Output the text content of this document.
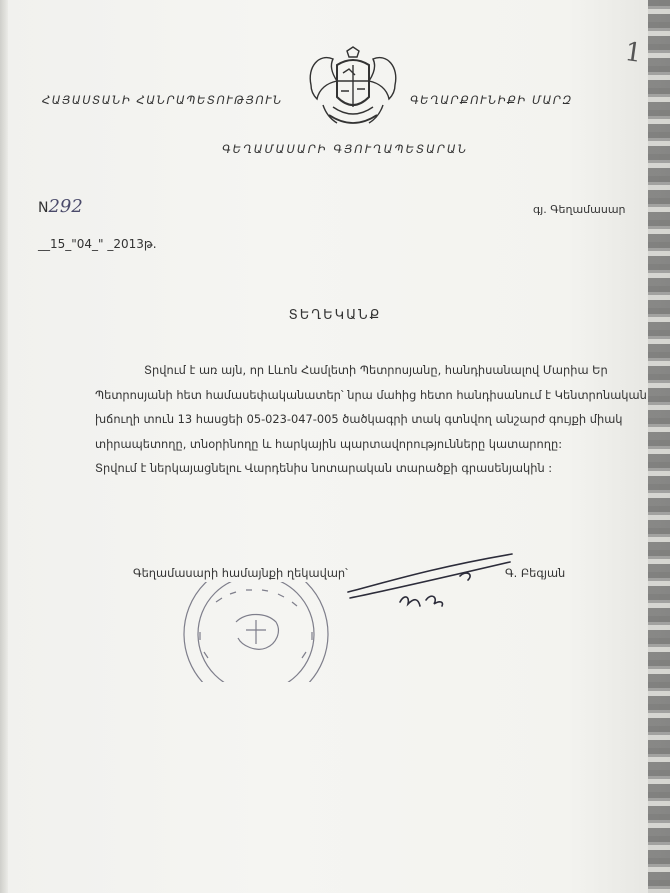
1
ՀԱՅԱՍՏԱՆԻ ՀԱՆՐԱՊԵՏՈՒԹՅՈՒՆ	ԳԵՂԱՐՔՈՒՆԻՔԻ ՄԱՐԶ
ԳԵՂԱՄԱՍԱՐԻ ԳՅՈՒՂԱՊԵՏԱՐԱՆ
N292	գյ. Գեղամասար
__15_"04_" _2013թ.
ՏԵՂԵԿԱՆՔ

Տրվում է առ այն, որ Լևոն Համլետի Պետրոսյանը, հանդիսանալով Մարիա Եր

Պետրոսյանի հետ համասեփականատեր՝ նրա մահից հետո հանդիսանում է Կենտրոնական

խճուղի տուն 13 հասցեի 05-023-047-005 ծածկագրի տակ գտնվող անշարժ գույքի միակ

տիրապետողը, տնօրինողը և հարկային պարտավորությունները կատարողը:

Տրվում է ներկայացնելու Վարդենիս նոտարական տարածքի գրասենյակին :

Գեղամասարի համայնքի ղեկավար՝	Գ. Բեգյան
